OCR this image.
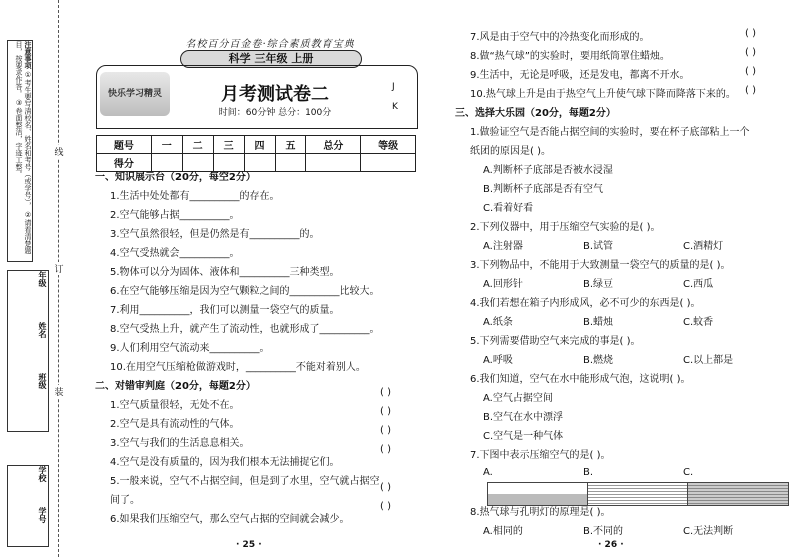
注意事项 ①考生要写清校名、姓名和考号（或学号）， ②请看清楚题目，按要求作答。 ③卷面整洁，字迹工整。
年级  姓名  班级
学校  学号
线
订
装
名校百分百金卷·综合素质教育宝典
科学 三年级 上册
快乐学习精灵	月考测试卷二
时间：60分钟 总分：100分
J
K
题号	一	二	三	四	五	总分	等级
得分							
一、知识展示台（20分，每空2分）
1.生活中处处都有__________的存在。
2.空气能够占据__________。
3.空气虽然很轻，但是仍然是有__________的。
4.空气受热就会__________。
5.物体可以分为固体、液体和__________三种类型。
6.在空气能够压缩是因为空气颗粒之间的__________比较大。
7.利用__________，我们可以测量一袋空气的质量。
8.空气受热上升，就产生了流动性，也就形成了__________。
9.人们利用空气流动来__________。
10.在用空气压缩枪做游戏时，__________不能对着别人。
二、对错审判庭（20分，每题2分）
1.空气质量很轻，无处不在。
2.空气是具有流动性的气体。
3.空气与我们的生活息息相关。
4.空气是没有质量的，因为我们根本无法捕捉它们。
5.一般来说，空气不占据空间，但是到了水里，空气就占据空
间了。
6.如果我们压缩空气，那么空气占据的空间就会减少。
( )
( )
( )
( )
( )
( )
· 25 ·
7.风是由于空气中的冷热变化而形成的。
8.做“热气球”的实验时，要用纸筒罩住蜡烛。
9.生活中，无论是呼吸，还是发电，都离不开水。
10.热气球上升是由于热空气上升使气球下降而降落下来的。
三、选择大乐园（20分，每题2分）
1.做验证空气是否能占据空间的实验时，要在杯子底部粘上一个
纸团的原因是( )。
A.判断杯子底部是否被水浸湿
B.判断杯子底部是否有空气
C.看着好看
2.下列仪器中，用于压缩空气实验的是( )。
A.注射器	B.试管	C.酒精灯
3.下列物品中，不能用于大致测量一袋空气的质量的是( )。
A.回形针	B.绿豆	C.西瓜
4.我们若想在箱子内形成风，必不可少的东西是( )。
A.纸条	B.蜡烛	C.蚊香
5.下列需要借助空气来完成的事是( )。
A.呼吸	B.燃烧	C.以上都是
6.我们知道，空气在水中能形成气泡，这说明( )。
A.空气占据空间
B.空气在水中漂浮
C.空气是一种气体
7.下图中表示压缩空气的是( )。
A.	B.	C.
8.热气球与孔明灯的原理是( )。
A.相同的	B.不同的	C.无法判断
( )
( )
( )
( )
· 26 ·
